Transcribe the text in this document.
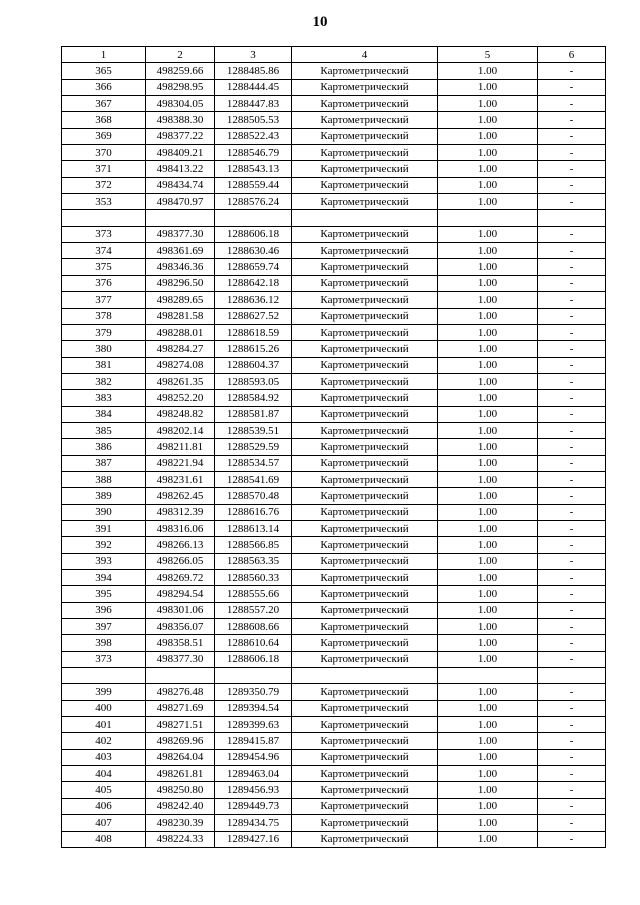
10
1	2	3	4	5	6
365	498259.66	1288485.86	Картометрический	1.00	-
366	498298.95	1288444.45	Картометрический	1.00	-
367	498304.05	1288447.83	Картометрический	1.00	-
368	498388.30	1288505.53	Картометрический	1.00	-
369	498377.22	1288522.43	Картометрический	1.00	-
370	498409.21	1288546.79	Картометрический	1.00	-
371	498413.22	1288543.13	Картометрический	1.00	-
372	498434.74	1288559.44	Картометрический	1.00	-
353	498470.97	1288576.24	Картометрический	1.00	-

373	498377.30	1288606.18	Картометрический	1.00	-
374	498361.69	1288630.46	Картометрический	1.00	-
375	498346.36	1288659.74	Картометрический	1.00	-
376	498296.50	1288642.18	Картометрический	1.00	-
377	498289.65	1288636.12	Картометрический	1.00	-
378	498281.58	1288627.52	Картометрический	1.00	-
379	498288.01	1288618.59	Картометрический	1.00	-
380	498284.27	1288615.26	Картометрический	1.00	-
381	498274.08	1288604.37	Картометрический	1.00	-
382	498261.35	1288593.05	Картометрический	1.00	-
383	498252.20	1288584.92	Картометрический	1.00	-
384	498248.82	1288581.87	Картометрический	1.00	-
385	498202.14	1288539.51	Картометрический	1.00	-
386	498211.81	1288529.59	Картометрический	1.00	-
387	498221.94	1288534.57	Картометрический	1.00	-
388	498231.61	1288541.69	Картометрический	1.00	-
389	498262.45	1288570.48	Картометрический	1.00	-
390	498312.39	1288616.76	Картометрический	1.00	-
391	498316.06	1288613.14	Картометрический	1.00	-
392	498266.13	1288566.85	Картометрический	1.00	-
393	498266.05	1288563.35	Картометрический	1.00	-
394	498269.72	1288560.33	Картометрический	1.00	-
395	498294.54	1288555.66	Картометрический	1.00	-
396	498301.06	1288557.20	Картометрический	1.00	-
397	498356.07	1288608.66	Картометрический	1.00	-
398	498358.51	1288610.64	Картометрический	1.00	-
373	498377.30	1288606.18	Картометрический	1.00	-

399	498276.48	1289350.79	Картометрический	1.00	-
400	498271.69	1289394.54	Картометрический	1.00	-
401	498271.51	1289399.63	Картометрический	1.00	-
402	498269.96	1289415.87	Картометрический	1.00	-
403	498264.04	1289454.96	Картометрический	1.00	-
404	498261.81	1289463.04	Картометрический	1.00	-
405	498250.80	1289456.93	Картометрический	1.00	-
406	498242.40	1289449.73	Картометрический	1.00	-
407	498230.39	1289434.75	Картометрический	1.00	-
408	498224.33	1289427.16	Картометрический	1.00	-
